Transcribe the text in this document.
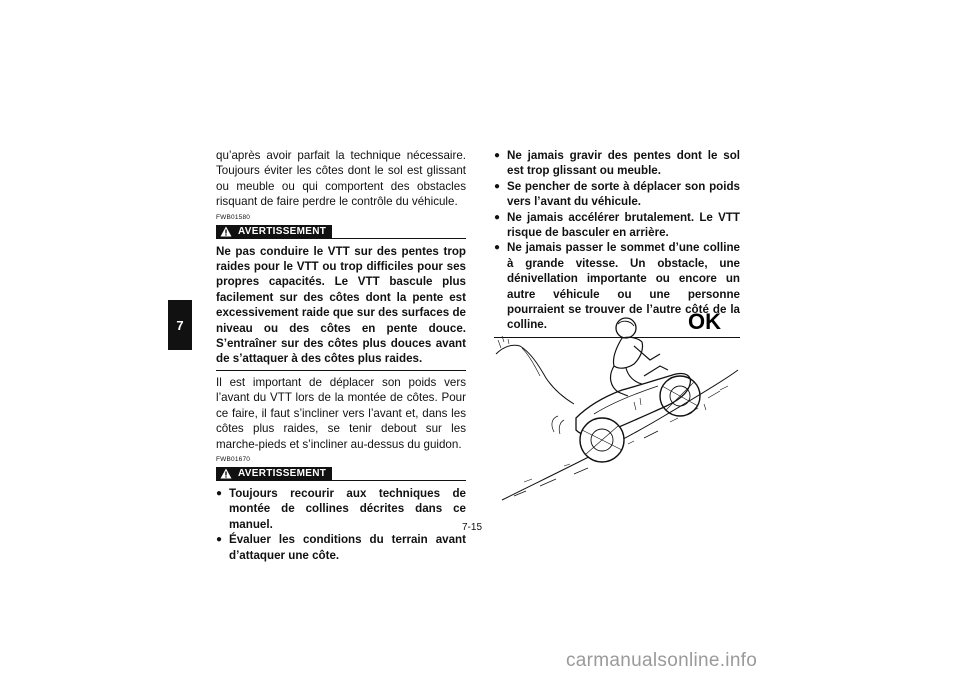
7

qu’après avoir parfait la technique nécessaire. Toujours éviter les côtes dont le sol est glissant ou meuble ou qui comportent des obstacles risquant de faire perdre le contrôle du véhicule.

FWB01580
AVERTISSEMENT

Ne pas conduire le VTT sur des pentes trop raides pour le VTT ou trop difficiles pour ses propres capacités. Le VTT bascule plus facilement sur des côtes dont la pente est excessivement raide que sur des surfaces de niveau ou des côtes en pente douce. S’entraîner sur des côtes plus douces avant de s’attaquer à des côtes plus raides.

Il est important de déplacer son poids vers l’avant du VTT lors de la montée de côtes. Pour ce faire, il faut s’incliner vers l’avant et, dans les côtes plus raides, se tenir debout sur les marche-pieds et s’incliner au-dessus du guidon.

FWB01670
AVERTISSEMENT
● Toujours recourir aux techniques de montée de collines décrites dans ce manuel.
● Évaluer les conditions du terrain avant d’attaquer une côte.
● Ne jamais gravir des pentes dont le sol est trop glissant ou meuble.
● Se pencher de sorte à déplacer son poids vers l’avant du véhicule.
● Ne jamais accélérer brutalement. Le VTT risque de basculer en arrière.
● Ne jamais passer le sommet d’une colline à grande vitesse. Un obstacle, une dénivellation importante ou encore un autre véhicule ou une personne pourraient se trouver de l’autre côté de la colline.	OK
7-15
carmanualsonline.info
